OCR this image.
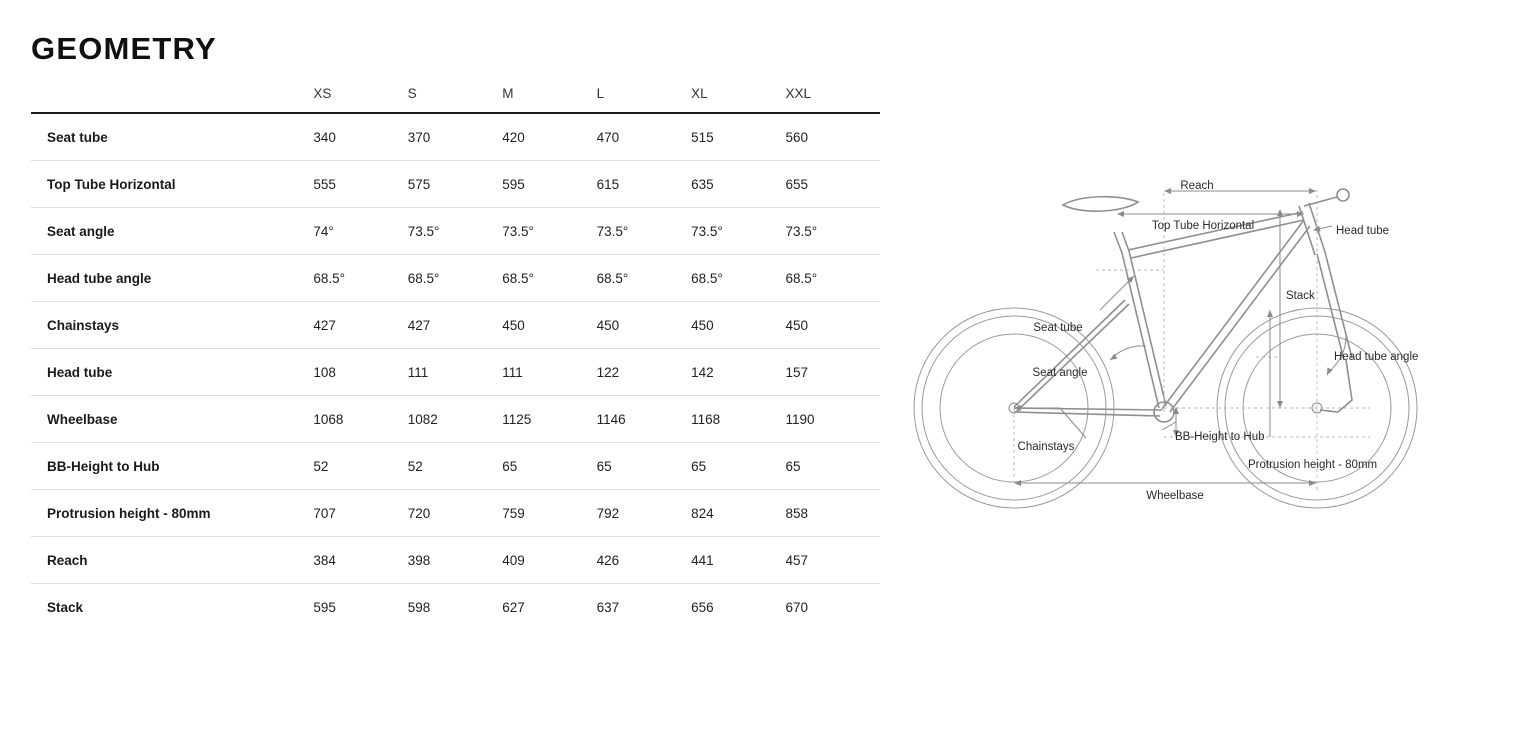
GEOMETRY
	XS	S	M	L	XL	XXL
Seat tube	340	370	420	470	515	560
Top Tube Horizontal	555	575	595	615	635	655
Seat angle	74°	73.5°	73.5°	73.5°	73.5°	73.5°
Head tube angle	68.5°	68.5°	68.5°	68.5°	68.5°	68.5°
Chainstays	427	427	450	450	450	450
Head tube	108	111	111	122	142	157
Wheelbase	1068	1082	1125	1146	1168	1190
BB-Height to Hub	52	52	65	65	65	65
Protrusion height - 80mm	707	720	759	792	824	858
Reach	384	398	409	426	441	457
Stack	595	598	627	637	656	670
Reach
Top Tube Horizontal	Head tube
Stack
Seat tube
Seat angle
Head tube angle
Chainstays
BB-Height to Hub
Protrusion height - 80mm
Wheelbase
